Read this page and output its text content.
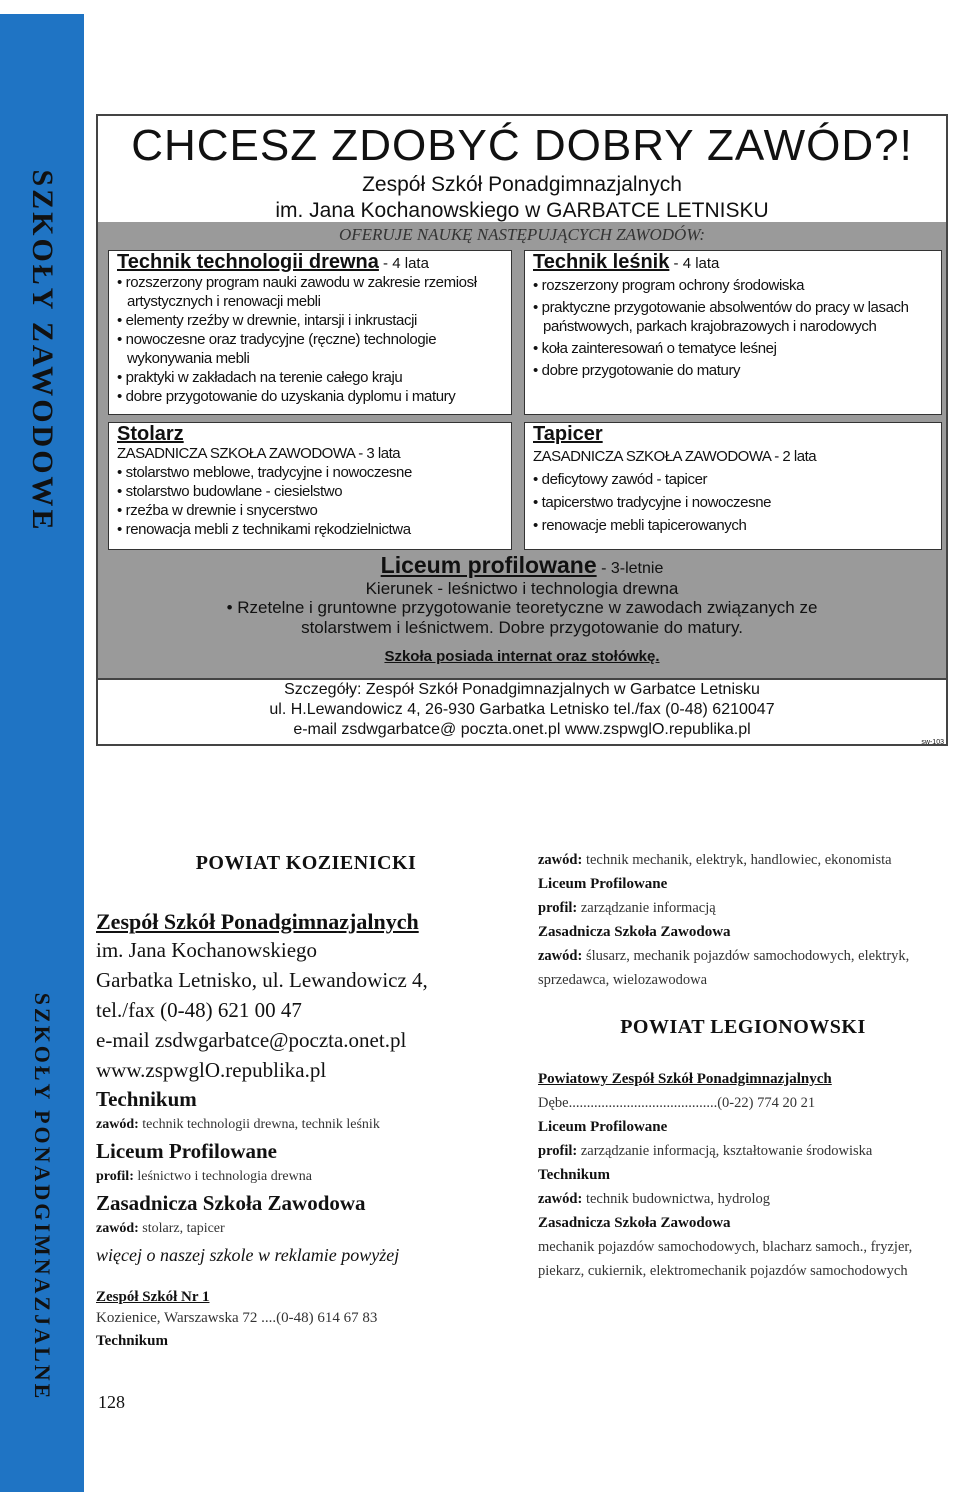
SZKOŁY ZAWODOWE
SZKOŁY PONADGIMNAZJALNE
CHCESZ ZDOBYĆ DOBRY ZAWÓD?!
Zespół Szkół Ponadgimnazjalnych
im. Jana Kochanowskiego w GARBATCE LETNISKU
OFERUJE NAUKĘ NASTĘPUJĄCYCH ZAWODÓW:
Technik technologii drewna - 4 lata
• rozszerzony program nauki zawodu w zakresie rzemiosł artystycznych i renowacji mebli
• elementy rzeźby w drewnie, intarsji i inkrustacji
• nowoczesne oraz tradycyjne (ręczne) technologie wykonywania mebli
• praktyki w zakładach na terenie całego kraju
• dobre przygotowanie do uzyskania dyplomu i matury
Technik leśnik - 4 lata
• rozszerzony program ochrony środowiska
• praktyczne przygotowanie absolwentów do pracy w lasach państwowych, parkach krajobrazowych i narodowych
• koła zainteresowań o tematyce leśnej
• dobre przygotowanie do matury
Stolarz
ZASADNICZA SZKOŁA ZAWODOWA - 3 lata
• stolarstwo meblowe, tradycyjne i nowoczesne
• stolarstwo budowlane - ciesielstwo
• rzeźba w drewnie i snycerstwo
• renowacja mebli z technikami rękodzielnictwa
Tapicer
ZASADNICZA SZKOŁA ZAWODOWA - 2 lata
• deficytowy zawód - tapicer
• tapicerstwo tradycyjne i nowoczesne
• renowacje mebli tapicerowanych
Liceum profilowane - 3-letnie
Kierunek - leśnictwo i technologia drewna
• Rzetelne i gruntowne przygotowanie teoretyczne w zawodach związanych ze stolarstwem i leśnictwem. Dobre przygotowanie do matury.
Szkoła posiada internat oraz stołówkę.
Szczegóły: Zespół Szkół Ponadgimnazjalnych w Garbatce Letnisku
ul. H.Lewandowicz 4, 26-930 Garbatka Letnisko tel./fax (0-48) 6210047
e-mail zsdwgarbatce@ poczta.onet.pl www.zspwglO.republika.pl
sw-103
POWIAT KOZIENICKI
Zespół Szkół Ponadgimnazjalnych
im. Jana Kochanowskiego
Garbatka Letnisko, ul. Lewandowicz 4,
tel./fax (0-48) 621 00 47
e-mail zsdwgarbatce@poczta.onet.pl
www.zspwglO.republika.pl
Technikum
zawód: technik technologii drewna, technik leśnik
Liceum Profilowane
profil: leśnictwo i technologia drewna
Zasadnicza Szkoła Zawodowa
zawód: stolarz, tapicer
więcej o naszej szkole w reklamie powyżej
Zespół Szkół Nr 1
Kozienice, Warszawska 72 ....(0-48) 614 67 83
Technikum
128
zawód: technik mechanik, elektryk, handlowiec, ekonomista
Liceum Profilowane
profil: zarządzanie informacją
Zasadnicza Szkoła Zawodowa
zawód: ślusarz, mechanik pojazdów samochodowych, elektryk, sprzedawca, wielozawodowa
POWIAT LEGIONOWSKI
Powiatowy Zespół Szkół Ponadgimnazjalnych
Dębe.........................................(0-22) 774 20 21
Liceum Profilowane
profil: zarządzanie informacją, kształtowanie środowiska
Technikum
zawód: technik budownictwa, hydrolog
Zasadnicza Szkoła Zawodowa
mechanik pojazdów samochodowych, blacharz samoch., fryzjer, piekarz, cukiernik, elektromechanik pojazdów samochodowych
